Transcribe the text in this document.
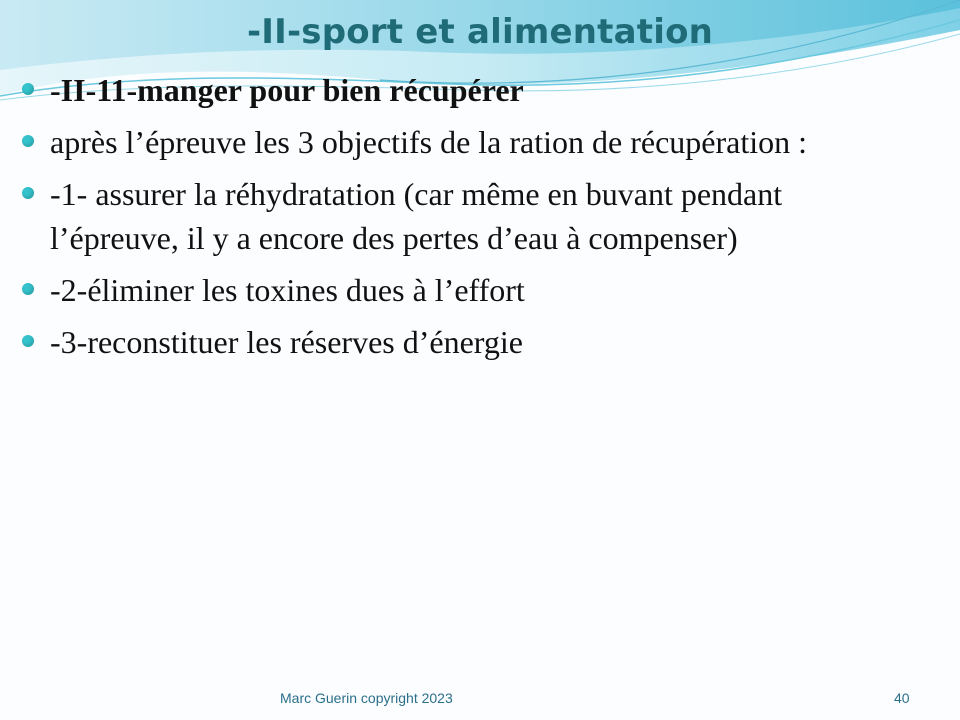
-II-sport et alimentation
-II-11-manger pour bien récupérer
après l’épreuve les 3 objectifs de la ration de récupération :
-1- assurer la réhydratation (car même en buvant pendant l’épreuve, il y a encore des pertes d’eau à compenser)
-2-éliminer les toxines dues à l’effort
-3-reconstituer les réserves d’énergie
Marc Guerin copyright 2023	40
